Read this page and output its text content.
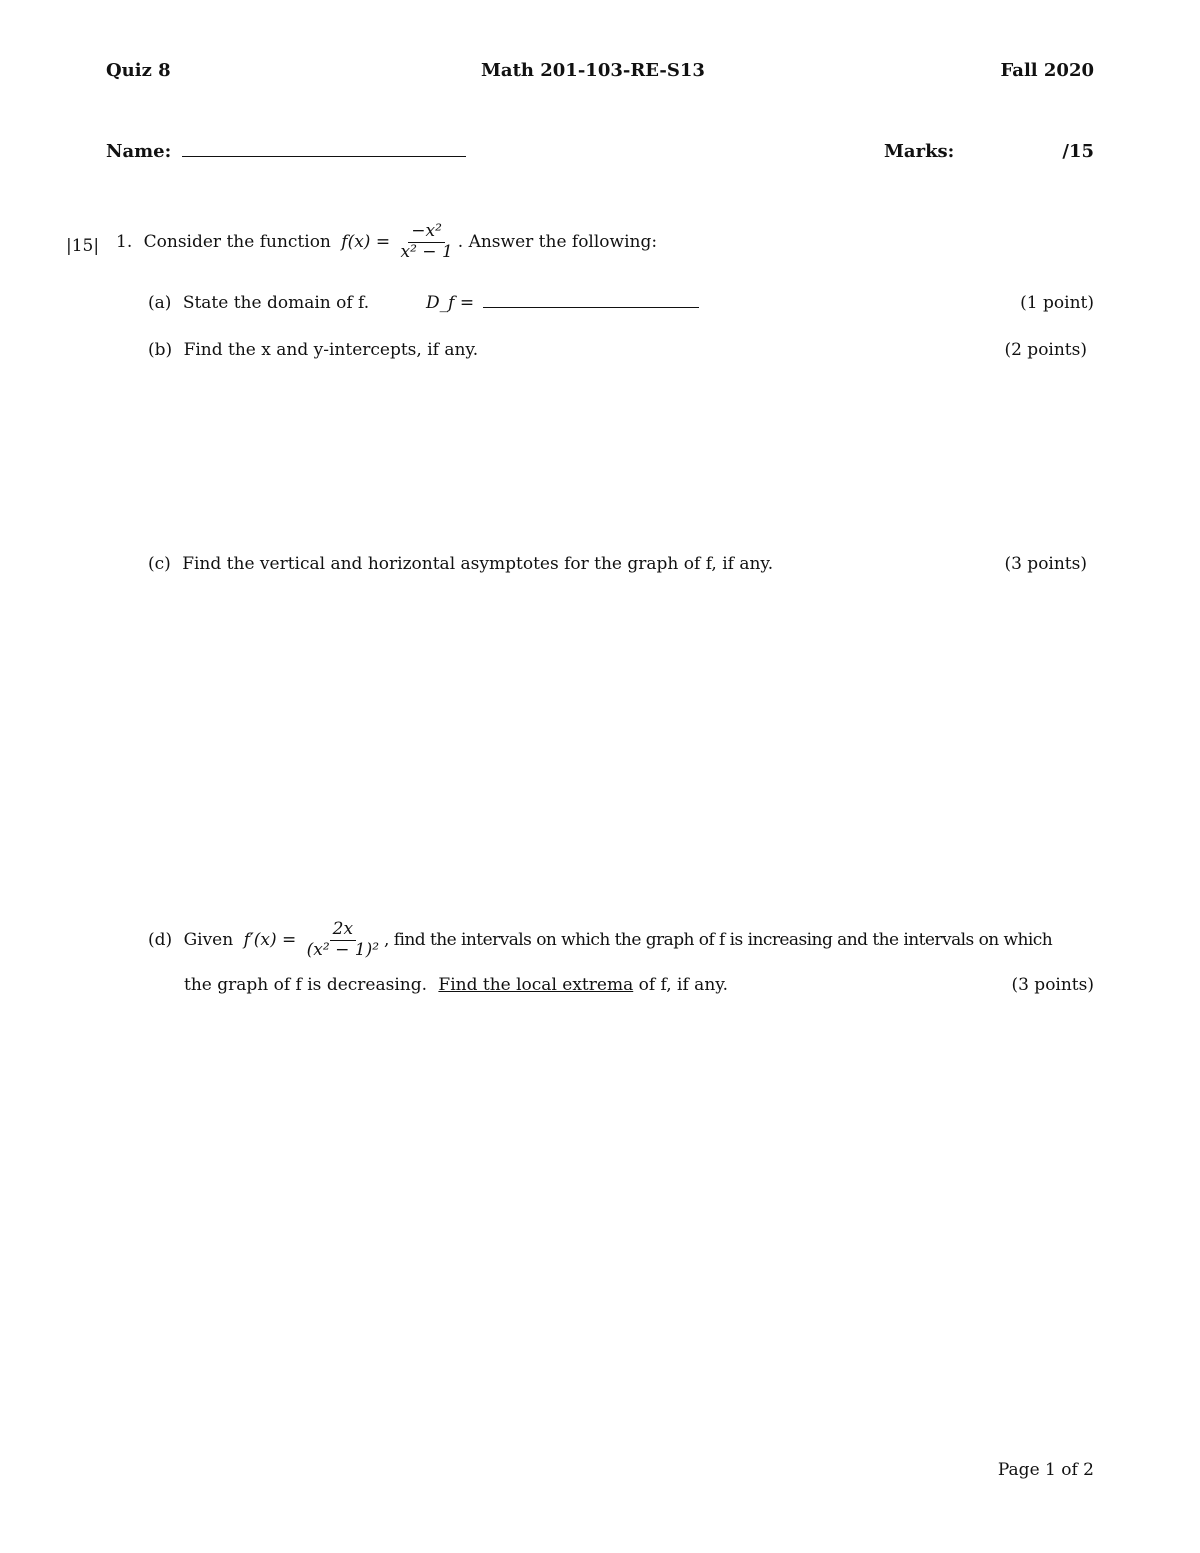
Quiz 8	Math 201-103-RE-S13	Fall 2020
Name:	Marks:	/15
|15| 1. Consider the function $f(x) = \frac{\text{−x²}}{\text{x² − 1}}$ . Answer the following:
(a) State the domain of f.	D_f =	(1 point)
(b) Find the x and y-intercepts, if any.	(2 points)
(c) Find the vertical and horizontal asymptotes for the graph of f, if any.	(3 points)
(d) Given $f'(x) = \frac{2x}{\text{(x² − 1)²}}$ , find the intervals on which the graph of f is increasing and the intervals on which
the graph of f is decreasing. Find the local extrema of f, if any.	(3 points)
Page 1 of 2
